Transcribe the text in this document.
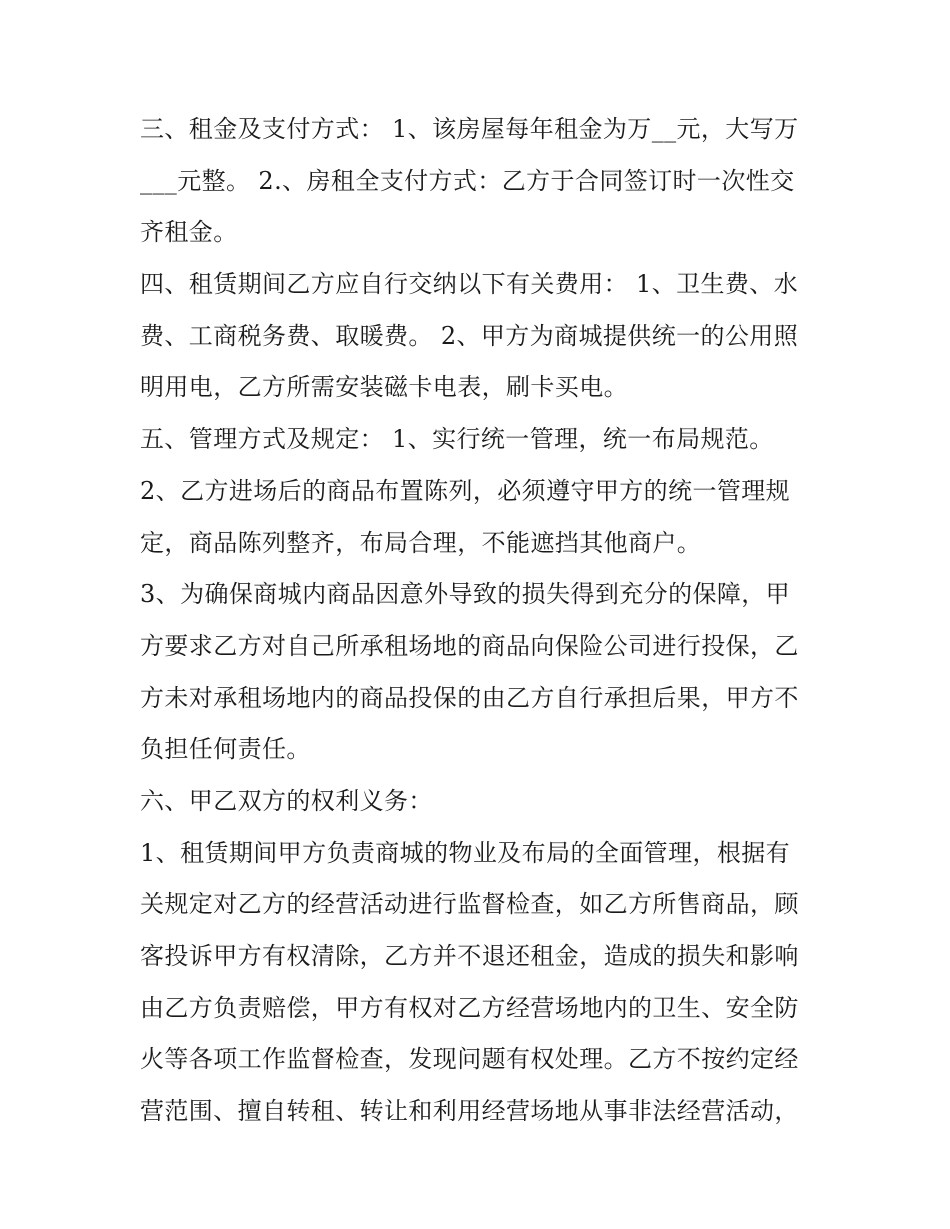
三、租金及支付方式： 1、该房屋每年租金为万__元，大写万
___元整。 2.、房租全支付方式：乙方于合同签订时一次性交
齐租金。
四、租赁期间乙方应自行交纳以下有关费用： 1、卫生费、水
费、工商税务费、取暖费。 2、甲方为商城提供统一的公用照
明用电，乙方所需安装磁卡电表，刷卡买电。
五、管理方式及规定： 1、实行统一管理，统一布局规范。
2、乙方进场后的商品布置陈列，必须遵守甲方的统一管理规
定，商品陈列整齐，布局合理，不能遮挡其他商户。
3、为确保商城内商品因意外导致的损失得到充分的保障，甲
方要求乙方对自己所承租场地的商品向保险公司进行投保，乙
方未对承租场地内的商品投保的由乙方自行承担后果，甲方不
负担任何责任。
六、甲乙双方的权利义务：
1、租赁期间甲方负责商城的物业及布局的全面管理，根据有
关规定对乙方的经营活动进行监督检查，如乙方所售商品，顾
客投诉甲方有权清除，乙方并不退还租金，造成的损失和影响
由乙方负责赔偿，甲方有权对乙方经营场地内的卫生、安全防
火等各项工作监督检查，发现问题有权处理。乙方不按约定经
营范围、擅自转租、转让和利用经营场地从事非法经营活动，
